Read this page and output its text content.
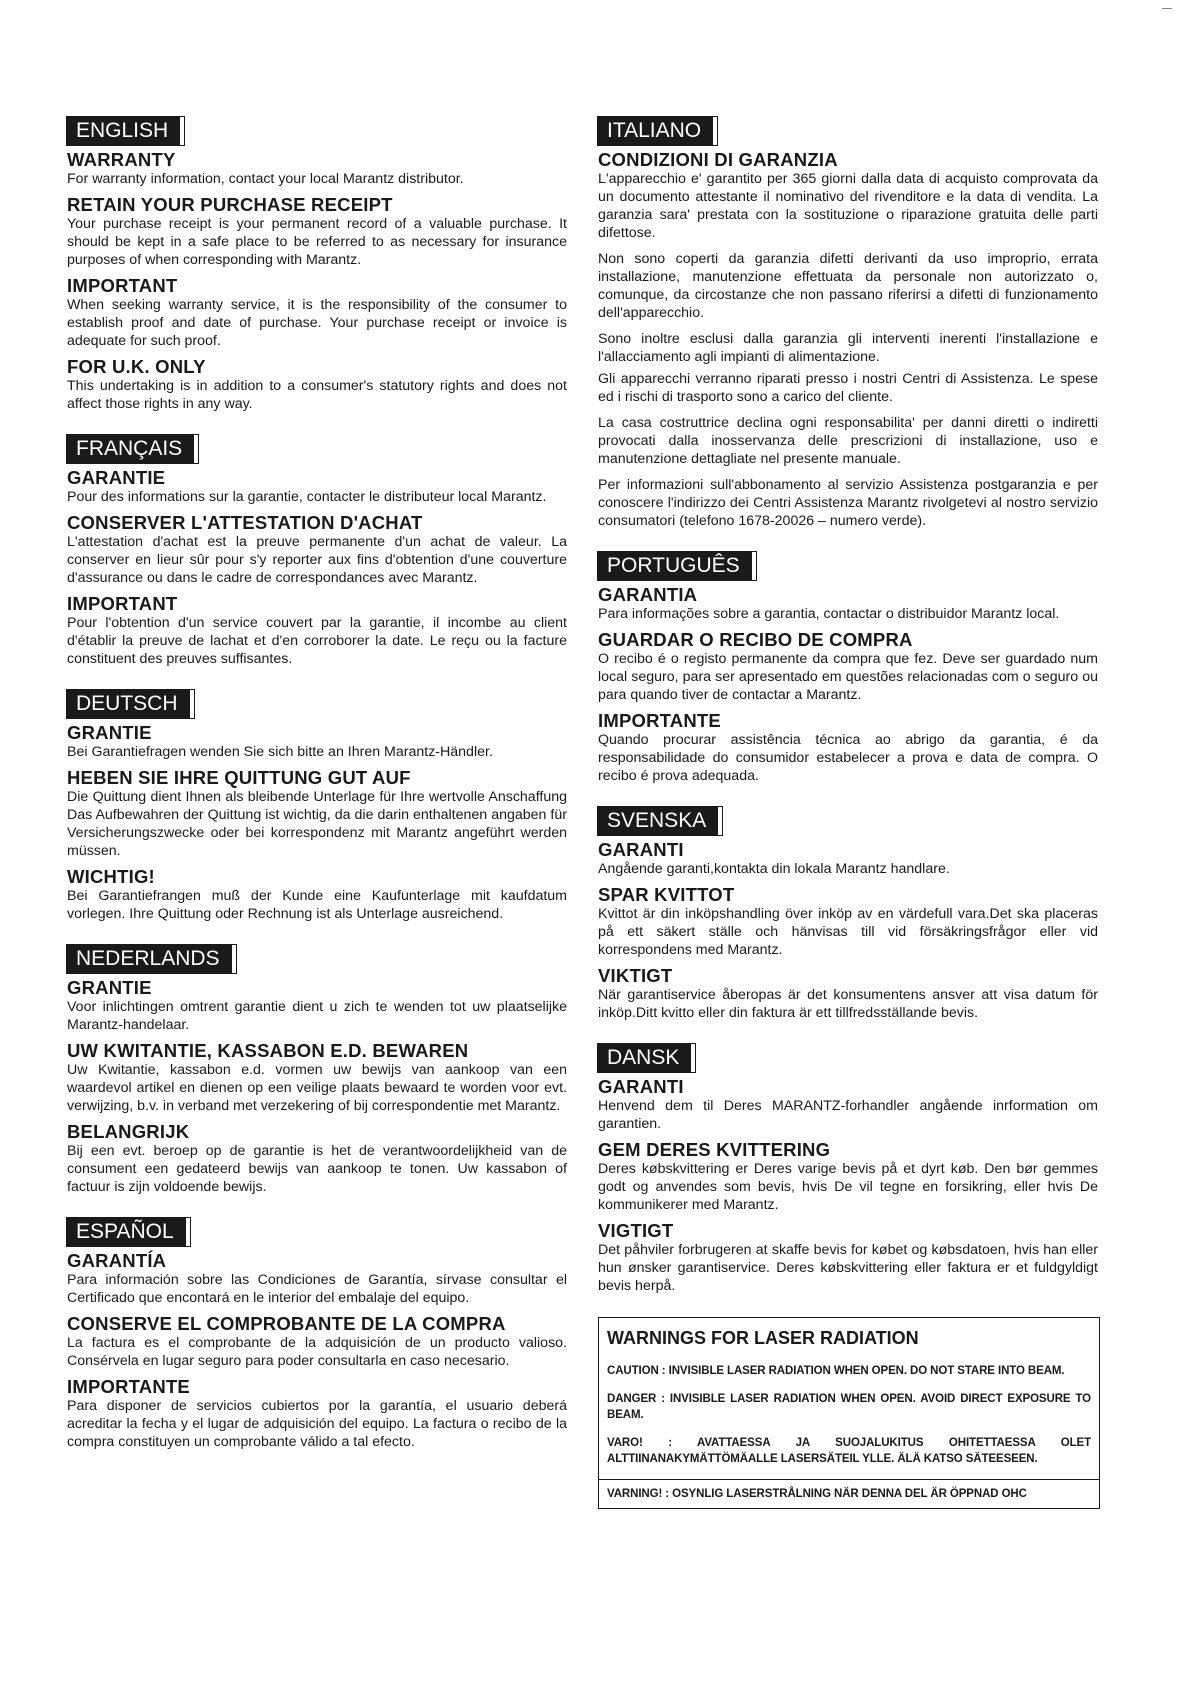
ENGLISH
WARRANTY

For warranty information, contact your local Marantz distributor.

RETAIN YOUR PURCHASE RECEIPT

Your purchase receipt is your permanent record of a valuable purchase. It should be kept in a safe place to be referred to as necessary for insurance purposes of when corresponding with Marantz.

IMPORTANT

When seeking warranty service, it is the responsibility of the consumer to establish proof and date of purchase. Your purchase receipt or invoice is adequate for such proof.

FOR U.K. ONLY

This undertaking is in addition to a consumer's statutory rights and does not affect those rights in any way.

FRANÇAIS
GARANTIE

Pour des informations sur la garantie, contacter le distributeur local Marantz.

CONSERVER L'ATTESTATION D'ACHAT

L'attestation d'achat est la preuve permanente d'un achat de valeur. La conserver en lieur sûr pour s'y reporter aux fins d'obtention d'une couverture d'assurance ou dans le cadre de correspondances avec Marantz.

IMPORTANT

Pour l'obtention d'un service couvert par la garantie, il incombe au client d'établir la preuve de lachat et d'en corroborer la date. Le reçu ou la facture constituent des preuves suffisantes.

DEUTSCH
GRANTIE

Bei Garantiefragen wenden Sie sich bitte an Ihren Marantz-Händler.

HEBEN SIE IHRE QUITTUNG GUT AUF

Die Quittung dient Ihnen als bleibende Unterlage für Ihre wertvolle Anschaffung Das Aufbewahren der Quittung ist wichtig, da die darin enthaltenen angaben für Versicherungszwecke oder bei korrespondenz mit Marantz angeführt werden müssen.

WICHTIG!

Bei Garantiefrangen muß der Kunde eine Kaufunterlage mit kaufdatum vorlegen. Ihre Quittung oder Rechnung ist als Unterlage ausreichend.

NEDERLANDS
GRANTIE

Voor inlichtingen omtrent garantie dient u zich te wenden tot uw plaatselijke Marantz-handelaar.

UW KWITANTIE, KASSABON E.D. BEWAREN

Uw Kwitantie, kassabon e.d. vormen uw bewijs van aankoop van een waardevol artikel en dienen op een veilige plaats bewaard te worden voor evt. verwijzing, b.v. in verband met verzekering of bij correspondentie met Marantz.

BELANGRIJK

Bij een evt. beroep op de garantie is het de verantwoordelijkheid van de consument een gedateerd bewijs van aankoop te tonen. Uw kassabon of factuur is zijn voldoende bewijs.

ESPAÑOL
GARANTÍA

Para información sobre las Condiciones de Garantía, sírvase consultar el Certificado que encontará en le interior del embalaje del equipo.

CONSERVE EL COMPROBANTE DE LA COMPRA

La factura es el comprobante de la adquisición de un producto valioso. Consérvela en lugar seguro para poder consultarla en caso necesario.

IMPORTANTE

Para disponer de servicios cubiertos por la garantía, el usuario deberá acreditar la fecha y el lugar de adquisición del equipo. La factura o recibo de la compra constituyen un comprobante válido a tal efecto.

ITALIANO
CONDIZIONI DI GARANZIA

L'apparecchio e' garantito per 365 giorni dalla data di acquisto comprovata da un documento attestante il nominativo del rivenditore e la data di vendita. La garanzia sara' prestata con la sostituzione o riparazione gratuita delle parti difettose.

Non sono coperti da garanzia difetti derivanti da uso improprio, errata installazione, manutenzione effettuata da personale non autorizzato o, comunque, da circostanze che non passano riferirsi a difetti di funzionamento dell'apparecchio.

Sono inoltre esclusi dalla garanzia gli interventi inerenti l'installazione e l'allacciamento agli impianti di alimentazione.

Gli apparecchi verranno riparati presso i nostri Centri di Assistenza. Le spese ed i rischi di trasporto sono a carico del cliente.

La casa costruttrice declina ogni responsabilita' per danni diretti o indiretti provocati dalla inosservanza delle prescrizioni di installazione, uso e manutenzione dettagliate nel presente manuale.

Per informazioni sull'abbonamento al servizio Assistenza postgaranzia e per conoscere l'indirizzo dei Centri Assistenza Marantz rivolgetevi al nostro servizio consumatori (telefono 1678-20026 – numero verde).

PORTUGUÊS
GARANTIA

Para informações sobre a garantia, contactar o distribuidor Marantz local.

GUARDAR O RECIBO DE COMPRA

O recibo é o registo permanente da compra que fez. Deve ser guardado num local seguro, para ser apresentado em questões relacionadas com o seguro ou para quando tiver de contactar a Marantz.

IMPORTANTE

Quando procurar assistência técnica ao abrigo da garantia, é da responsabilidade do consumidor estabelecer a prova e data de compra. O recibo é prova adequada.

SVENSKA
GARANTI

Angående garanti,kontakta din lokala Marantz handlare.

SPAR KVITTOT

Kvittot är din inköpshandling över inköp av en värdefull vara.Det ska placeras på ett säkert ställe och hänvisas till vid försäkringsfrågor eller vid korrespondens med Marantz.

VIKTIGT

När garantiservice åberopas är det konsumentens ansver att visa datum för inköp.Ditt kvitto eller din faktura är ett tillfredsställande bevis.

DANSK
GARANTI

Henvend dem til Deres MARANTZ-forhandler angående inrformation om garantien.

GEM DERES KVITTERING

Deres købskvittering er Deres varige bevis på et dyrt køb. Den bør gemmes godt og anvendes som bevis, hvis De vil tegne en forsikring, eller hvis De kommunikerer med Marantz.

VIGTIGT

Det påhviler forbrugeren at skaffe bevis for købet og købsdatoen, hvis han eller hun ønsker garantiservice. Deres købskvittering eller faktura er et fuldgyldigt bevis herpå.

WARNINGS FOR LASER RADIATION
CAUTION : INVISIBLE LASER RADIATION WHEN OPEN. DO NOT STARE INTO BEAM.
DANGER : INVISIBLE LASER RADIATION WHEN OPEN. AVOID DIRECT EXPOSURE TO BEAM.
VARO! : AVATTAESSA JA SUOJALUKITUS OHITETTAESSA OLET ALTTIINANAKYMÄTTÖMÄALLE LASERSÄTEIL YLLE. ÄLÄ KATSO SÄTEESEEN.
VARNING! : OSYNLIG LASERSTRÅLNING NÄR DENNA DEL ÄR ÖPPNAD OHC
